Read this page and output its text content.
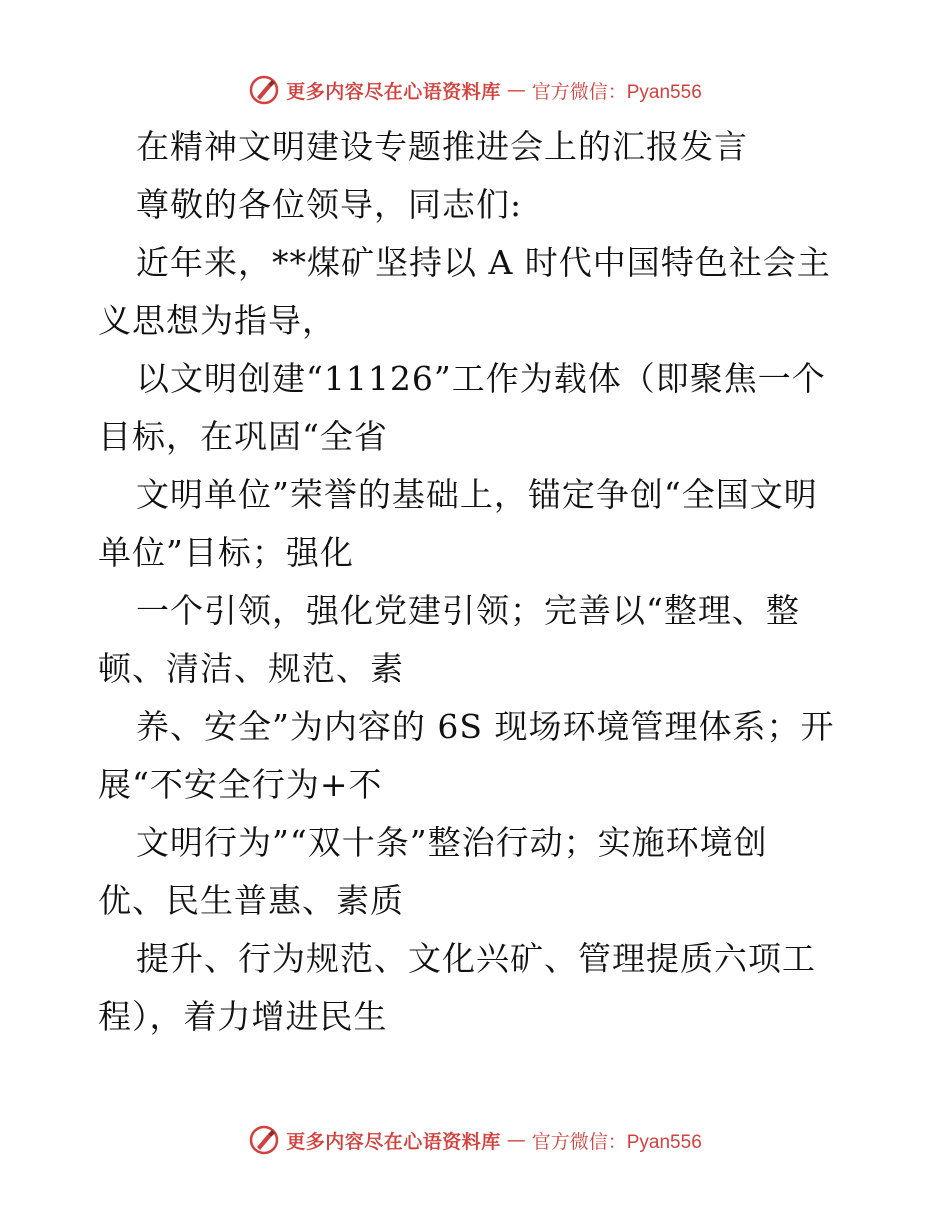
更多内容尽在心语资料库 — 官方微信：Pyan556
在精神文明建设专题推进会上的汇报发言
尊敬的各位领导，同志们:
近年来，**煤矿坚持以 A 时代中国特色社会主
义思想为指导，
以文明创建“11126”工作为载体（即聚焦一个
目标，在巩固“全省
文明单位”荣誉的基础上，锚定争创“全国文明
单位”目标；强化
一个引领，强化党建引领；完善以“整理、整
顿、清洁、规范、素
养、安全”为内容的 6S 现场环境管理体系；开
展“不安全行为+不
文明行为”“双十条”整治行动；实施环境创
优、民生普惠、素质
提升、行为规范、文化兴矿、管理提质六项工
程），着力增进民生
更多内容尽在心语资料库 — 官方微信：Pyan556
